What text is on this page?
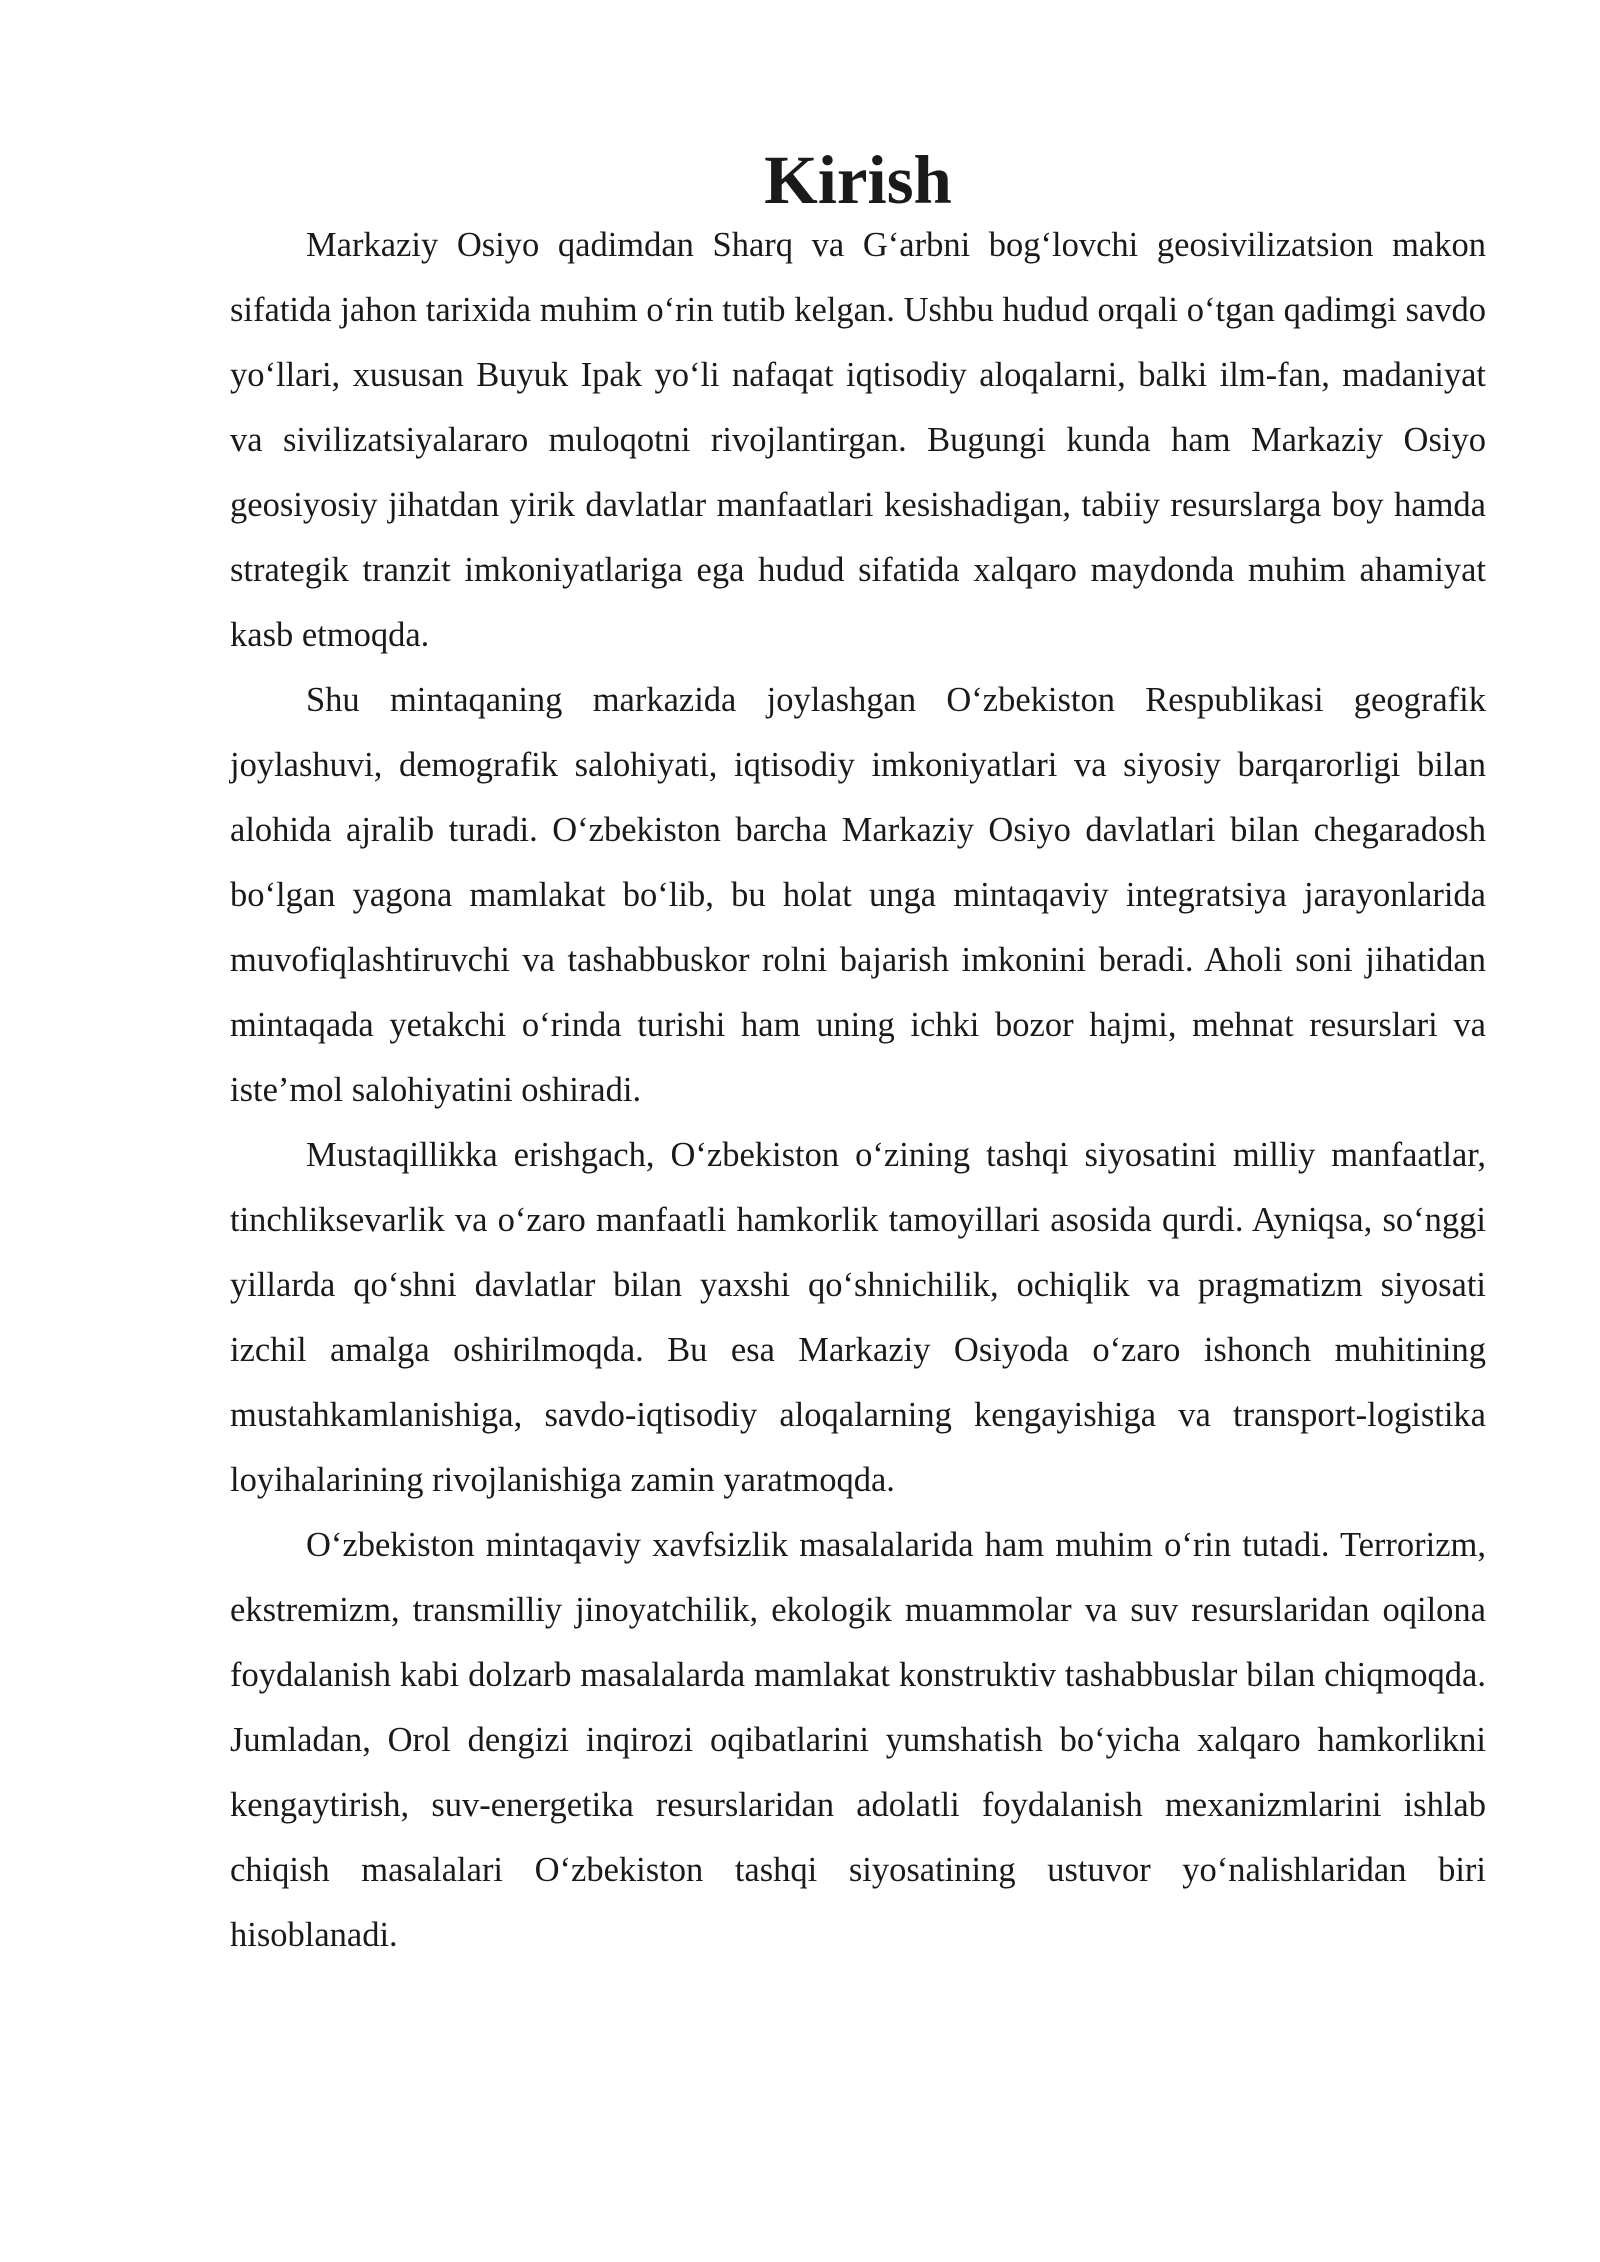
Kirish

Markaziy Osiyo qadimdan Sharq va G‘arbni bog‘lovchi geosivilizatsion makon sifatida jahon tarixida muhim o‘rin tutib kelgan. Ushbu hudud orqali o‘tgan qadimgi savdo yo‘llari, xususan Buyuk Ipak yo‘li nafaqat iqtisodiy aloqalarni, balki ilm-fan, madaniyat va sivilizatsiyalararo muloqotni rivojlantirgan. Bugungi kunda ham Markaziy Osiyo geosiyosiy jihatdan yirik davlatlar manfaatlari kesishadigan, tabiiy resurslarga boy hamda strategik tranzit imkoniyatlariga ega hudud sifatida xalqaro maydonda muhim ahamiyat kasb etmoqda.

Shu mintaqaning markazida joylashgan O‘zbekiston Respublikasi geografik joylashuvi, demografik salohiyati, iqtisodiy imkoniyatlari va siyosiy barqarorligi bilan alohida ajralib turadi. O‘zbekiston barcha Markaziy Osiyo davlatlari bilan chegaradosh bo‘lgan yagona mamlakat bo‘lib, bu holat unga mintaqaviy integratsiya jarayonlarida muvofiqlashtiruvchi va tashabbuskor rolni bajarish imkonini beradi. Aholi soni jihatidan mintaqada yetakchi o‘rinda turishi ham uning ichki bozor hajmi, mehnat resurslari va iste’mol salohiyatini oshiradi.

Mustaqillikka erishgach, O‘zbekiston o‘zining tashqi siyosatini milliy manfaatlar, tinchliksevarlik va o‘zaro manfaatli hamkorlik tamoyillari asosida qurdi. Ayniqsa, so‘nggi yillarda qo‘shni davlatlar bilan yaxshi qo‘shnichilik, ochiqlik va pragmatizm siyosati izchil amalga oshirilmoqda. Bu esa Markaziy Osiyoda o‘zaro ishonch muhitining mustahkamlanishiga, savdo-iqtisodiy aloqalarning kengayishiga va transport-logistika loyihalarining rivojlanishiga zamin yaratmoqda.

O‘zbekiston mintaqaviy xavfsizlik masalalarida ham muhim o‘rin tutadi. Terrorizm, ekstremizm, transmilliy jinoyatchilik, ekologik muammolar va suv resurslaridan oqilona foydalanish kabi dolzarb masalalarda mamlakat konstruktiv tashabbuslar bilan chiqmoqda. Jumladan, Orol dengizi inqirozi oqibatlarini yumshatish bo‘yicha xalqaro hamkorlikni kengaytirish, suv-energetika resurslaridan adolatli foydalanish mexanizmlarini ishlab chiqish masalalari O‘zbekiston tashqi siyosatining ustuvor yo‘nalishlaridan biri hisoblanadi.
